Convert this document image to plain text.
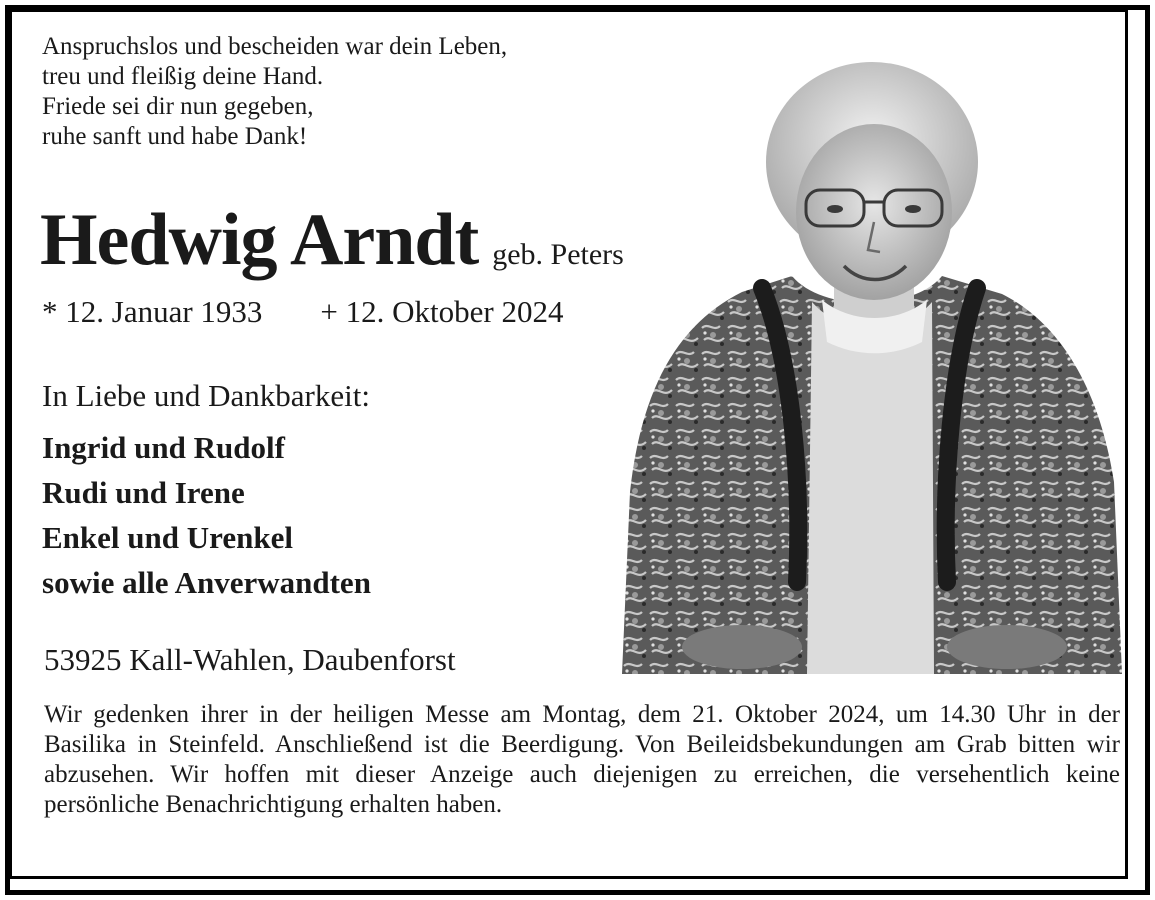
Anspruchslos und bescheiden war dein Leben,
treu und fleißig deine Hand.
Friede sei dir nun gegeben,
ruhe sanft und habe Dank!
Hedwig Arndt geb. Peters
* 12. Januar 1933 + 12. Oktober 2024
In Liebe und Dankbarkeit:
Ingrid und Rudolf
Rudi und Irene
Enkel und Urenkel
sowie alle Anverwandten
53925 Kall-Wahlen, Daubenforst

Wir gedenken ihrer in der heiligen Messe am Montag, dem 21. Oktober 2024, um 14.30 Uhr in der Basilika in Steinfeld. Anschließend ist die Beerdigung. Von Beileidsbekundungen am Grab bitten wir abzusehen. Wir hoffen mit dieser Anzeige auch diejenigen zu erreichen, die versehentlich keine persönliche Benachrichtigung erhalten haben.
